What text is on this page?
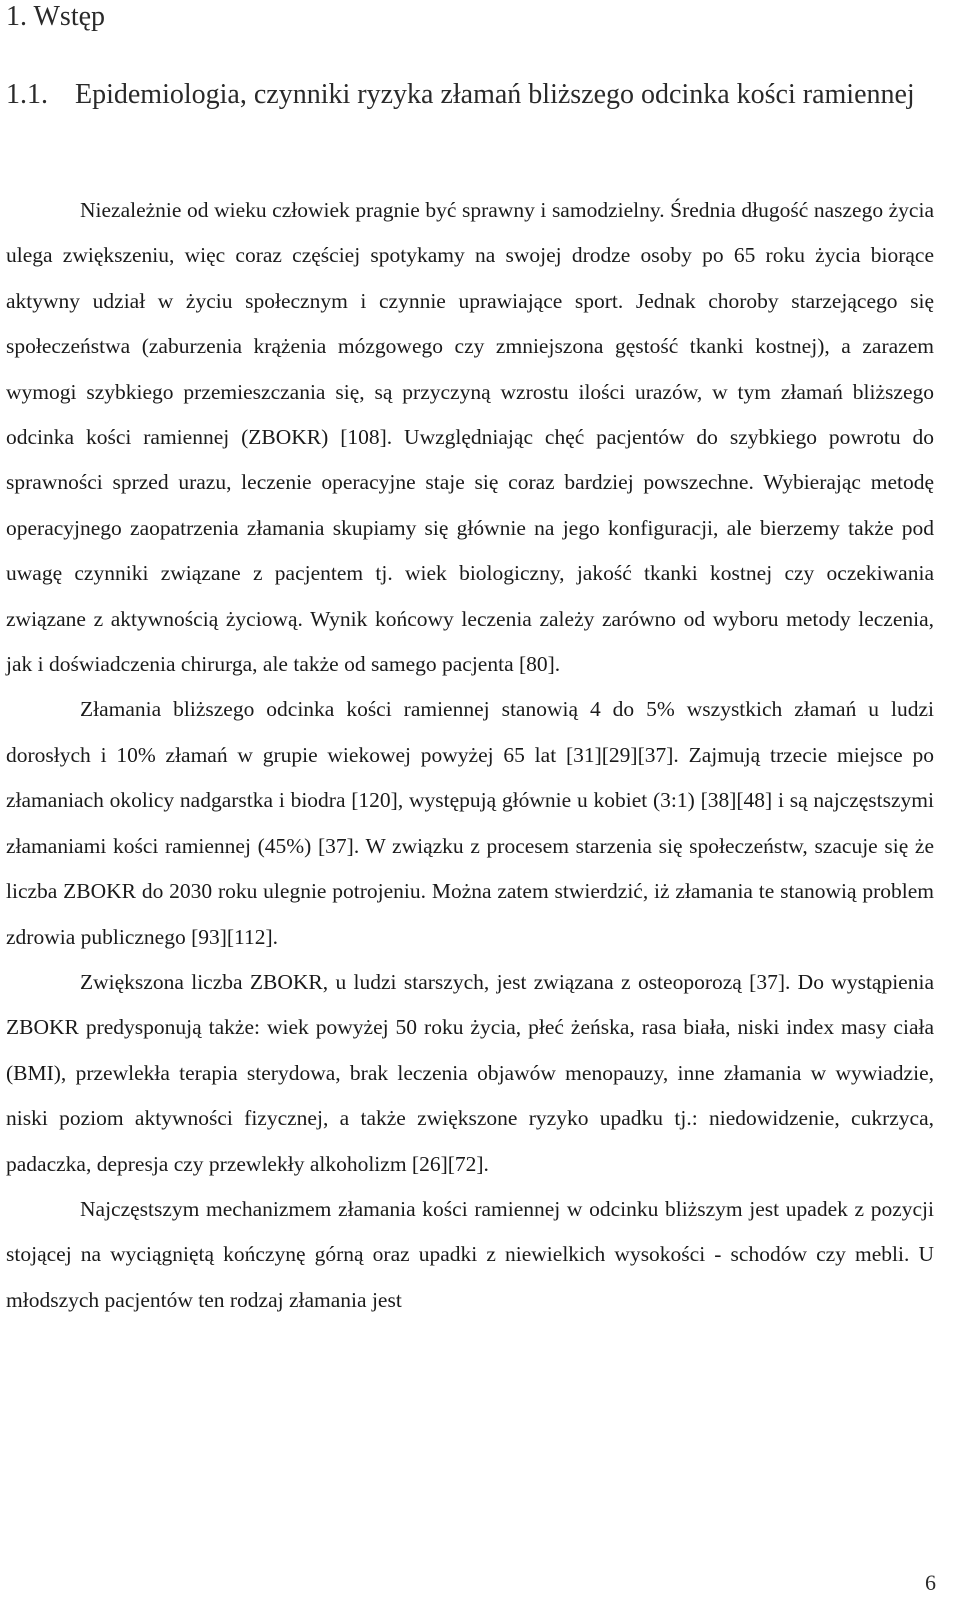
1. Wstęp
1.1. Epidemiologia, czynniki ryzyka złamań bliższego odcinka kości ramiennej

Niezależnie od wieku człowiek pragnie być sprawny i samodzielny. Średnia długość naszego życia ulega zwiększeniu, więc coraz częściej spotykamy na swojej drodze osoby po 65 roku życia biorące aktywny udział w życiu społecznym i czynnie uprawiające sport. Jednak choroby starzejącego się społeczeństwa (zaburzenia krążenia mózgowego czy zmniejszona gęstość tkanki kostnej), a zarazem wymogi szybkiego przemieszczania się, są przyczyną wzrostu ilości urazów, w tym złamań bliższego odcinka kości ramiennej (ZBOKR) [108]. Uwzględniając chęć pacjentów do szybkiego powrotu do sprawności sprzed urazu, leczenie operacyjne staje się coraz bardziej powszechne. Wybierając metodę operacyjnego zaopatrzenia złamania skupiamy się głównie na jego konfiguracji, ale bierzemy także pod uwagę czynniki związane z pacjentem tj. wiek biologiczny, jakość tkanki kostnej czy oczekiwania związane z aktywnością życiową. Wynik końcowy leczenia zależy zarówno od wyboru metody leczenia, jak i doświadczenia chirurga, ale także od samego pacjenta [80].

Złamania bliższego odcinka kości ramiennej stanowią 4 do 5% wszystkich złamań u ludzi dorosłych i 10% złamań w grupie wiekowej powyżej 65 lat [31][29][37]. Zajmują trzecie miejsce po złamaniach okolicy nadgarstka i biodra [120], występują głównie u kobiet (3:1) [38][48] i są najczęstszymi złamaniami kości ramiennej (45%) [37]. W związku z procesem starzenia się społeczeństw, szacuje się że liczba ZBOKR do 2030 roku ulegnie potrojeniu. Można zatem stwierdzić, iż złamania te stanowią problem zdrowia publicznego [93][112].

Zwiększona liczba ZBOKR, u ludzi starszych, jest związana z osteoporozą [37]. Do wystąpienia ZBOKR predysponują także: wiek powyżej 50 roku życia, płeć żeńska, rasa biała, niski index masy ciała (BMI), przewlekła terapia sterydowa, brak leczenia objawów menopauzy, inne złamania w wywiadzie, niski poziom aktywności fizycznej, a także zwiększone ryzyko upadku tj.: niedowidzenie, cukrzyca, padaczka, depresja czy przewlekły alkoholizm [26][72].

Najczęstszym mechanizmem złamania kości ramiennej w odcinku bliższym jest upadek z pozycji stojącej na wyciągniętą kończynę górną oraz upadki z niewielkich wysokości - schodów czy mebli. U młodszych pacjentów ten rodzaj złamania jest

6
